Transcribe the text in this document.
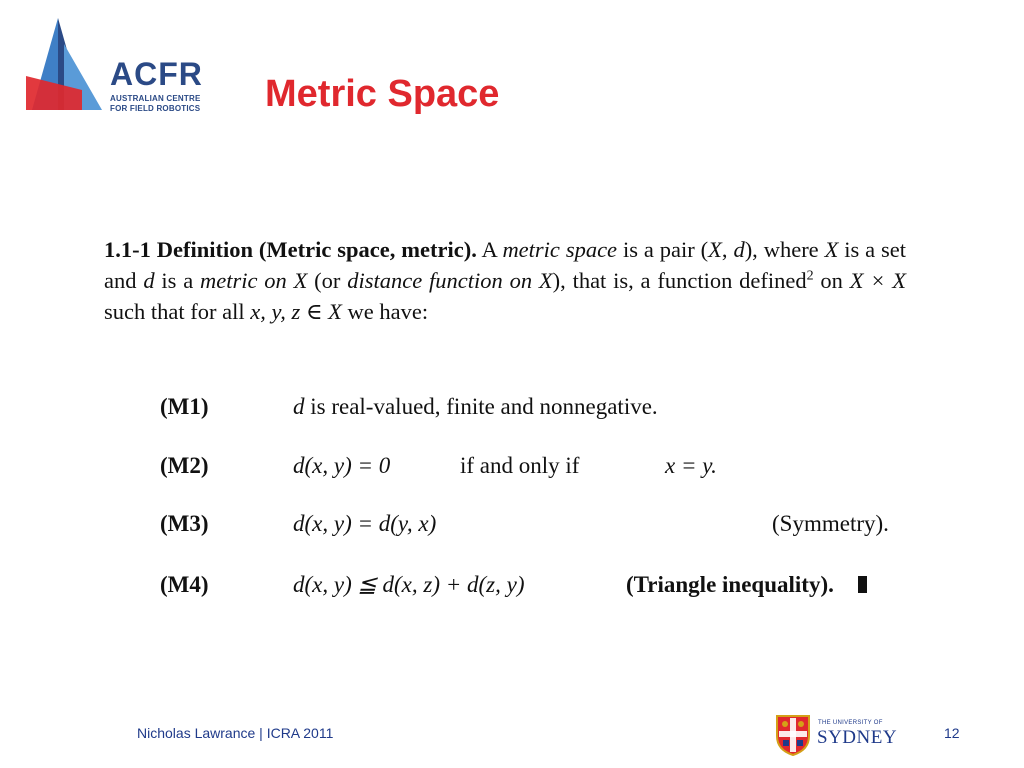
ACFR
AUSTRALIAN CENTRE
FOR FIELD ROBOTICS Metric Space

1.1-1 Definition (Metric space, metric). A metric space is a pair (X, d), where X is a set and d is a metric on X (or distance function on X), that is, a function defined$^2$ on X × X such that for all x, y, z ∈ X we have:

(M1)	d is real-valued, finite and nonnegative.
(M2)	d(x, y) = 0	if and only if	x = y.
(M3)	d(x, y) = d(y, x)	(Symmetry).
(M4)	d(x, y) ≦ d(x, z) + d(z, y)	(Triangle inequality).
Nicholas Lawrance | ICRA 2011
THE UNIVERSITY OF
SYDNEY	12
